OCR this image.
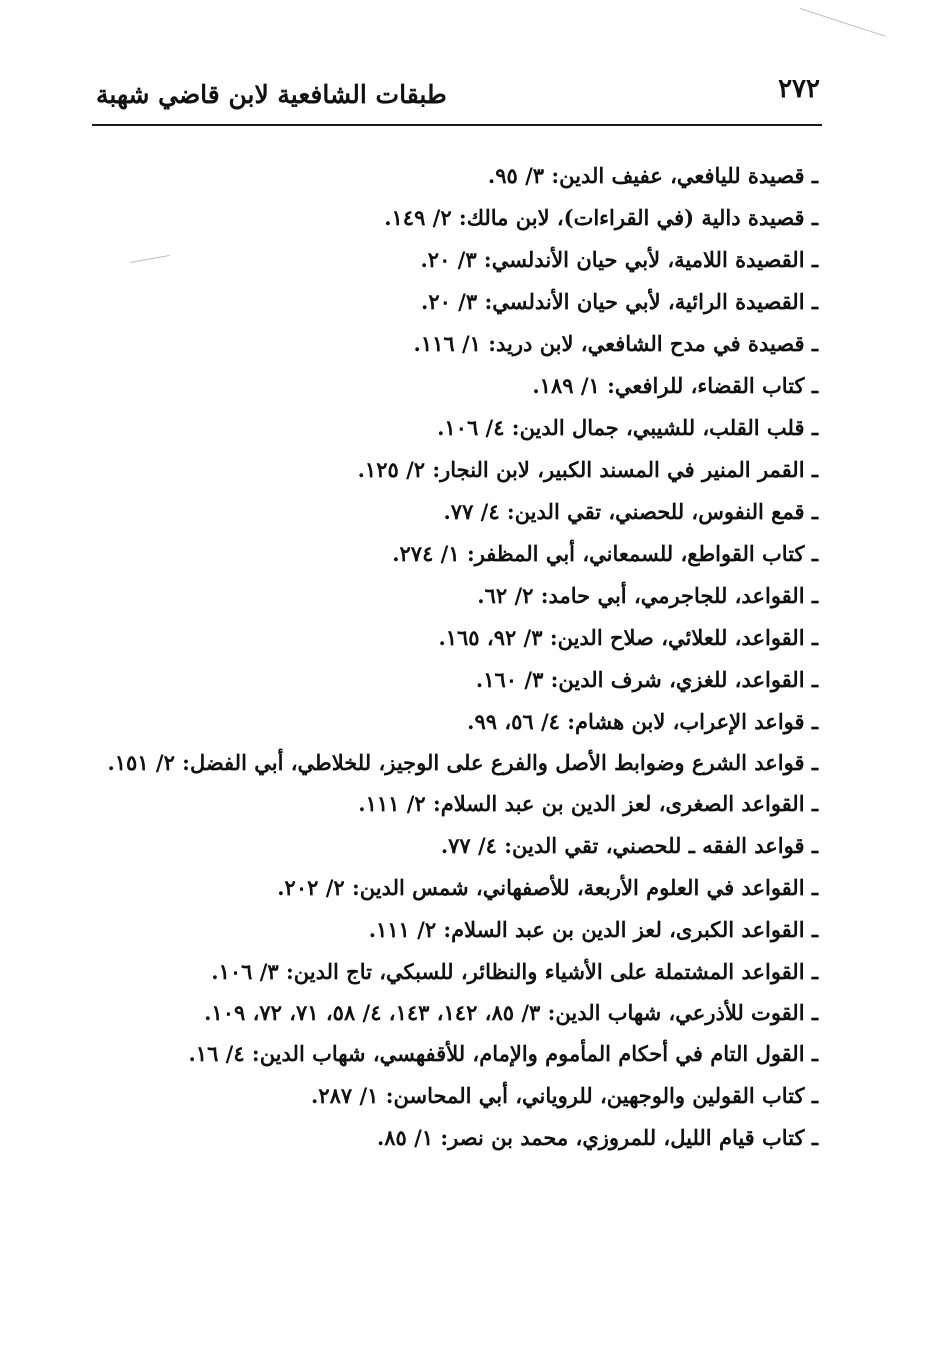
طبقات الشافعية لابن قاضي شهبة	٢٧٢
ـ قصيدة لليافعي، عفيف الدين: ٣/ ٩٥.
ـ قصيدة دالية (في القراءات)، لابن مالك: ٢/ ١٤٩.
ـ القصيدة اللامية، لأبي حيان الأندلسي: ٣/ ٢٠.
ـ القصيدة الرائية، لأبي حيان الأندلسي: ٣/ ٢٠.
ـ قصيدة في مدح الشافعي، لابن دريد: ١/ ١١٦.
ـ كتاب القضاء، للرافعي: ١/ ١٨٩.
ـ قلب القلب، للشيبي، جمال الدين: ٤/ ١٠٦.
ـ القمر المنير في المسند الكبير، لابن النجار: ٢/ ١٢٥.
ـ قمع النفوس، للحصني، تقي الدين: ٤/ ٧٧.
ـ كتاب القواطع، للسمعاني، أبي المظفر: ١/ ٢٧٤.
ـ القواعد، للجاجرمي، أبي حامد: ٢/ ٦٢.
ـ القواعد، للعلائي، صلاح الدين: ٣/ ٩٢، ١٦٥.
ـ القواعد، للغزي، شرف الدين: ٣/ ١٦٠.
ـ قواعد الإعراب، لابن هشام: ٤/ ٥٦، ٩٩.
ـ قواعد الشرع وضوابط الأصل والفرع على الوجيز، للخلاطي، أبي الفضل: ٢/ ١٥١.
ـ القواعد الصغرى، لعز الدين بن عبد السلام: ٢/ ١١١.
ـ قواعد الفقه ـ للحصني، تقي الدين: ٤/ ٧٧.
ـ القواعد في العلوم الأربعة، للأصفهاني، شمس الدين: ٢/ ٢٠٢.
ـ القواعد الكبرى، لعز الدين بن عبد السلام: ٢/ ١١١.
ـ القواعد المشتملة على الأشياء والنظائر، للسبكي، تاج الدين: ٣/ ١٠٦.
ـ القوت للأذرعي، شهاب الدين: ٣/ ٨٥، ١٤٢، ١٤٣، ٤/ ٥٨، ٧١، ٧٢، ١٠٩.
ـ القول التام في أحكام المأموم والإمام، للأقفهسي، شهاب الدين: ٤/ ١٦.
ـ كتاب القولين والوجهين، للروياني، أبي المحاسن: ١/ ٢٨٧.
ـ كتاب قيام الليل، للمروزي، محمد بن نصر: ١/ ٨٥.
